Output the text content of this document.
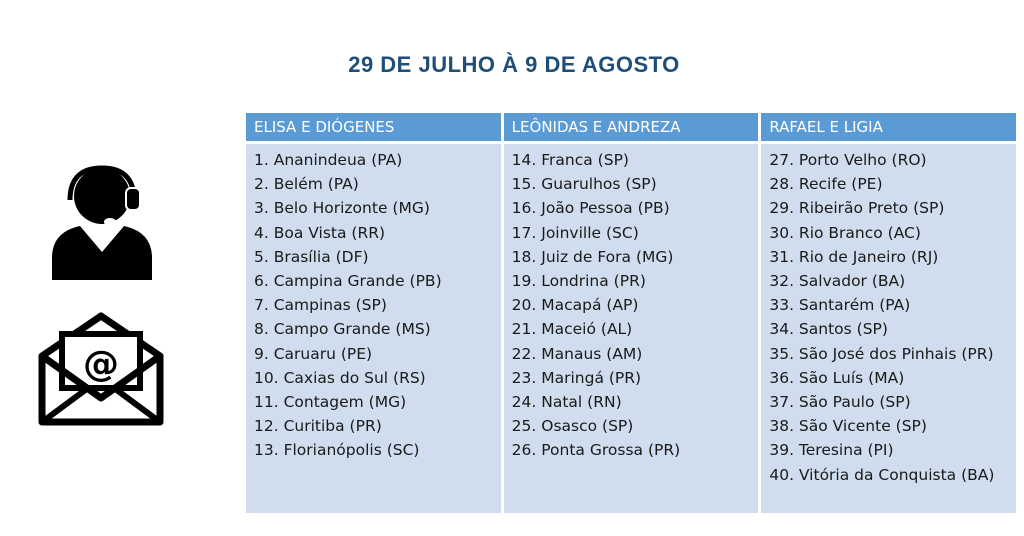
29 DE JULHO À 9 DE AGOSTO
@
ELISA E DIÓGENES
1. Ananindeua (PA)
2. Belém (PA)
3. Belo Horizonte (MG)
4. Boa Vista (RR)
5. Brasília (DF)
6. Campina Grande (PB)
7. Campinas (SP)
8. Campo Grande (MS)
9. Caruaru (PE)
10. Caxias do Sul (RS)
11. Contagem (MG)
12. Curitiba (PR)
13. Florianópolis (SC)
LEÔNIDAS E ANDREZA
14. Franca (SP)
15. Guarulhos (SP)
16. João Pessoa (PB)
17. Joinville (SC)
18. Juiz de Fora (MG)
19. Londrina (PR)
20. Macapá (AP)
21. Maceió (AL)
22. Manaus (AM)
23. Maringá (PR)
24. Natal (RN)
25. Osasco (SP)
26. Ponta Grossa (PR)
RAFAEL E LIGIA
27. Porto Velho (RO)
28. Recife (PE)
29. Ribeirão Preto (SP)
30. Rio Branco (AC)
31. Rio de Janeiro (RJ)
32. Salvador (BA)
33. Santarém (PA)
34. Santos (SP)
35. São José dos Pinhais (PR)
36. São Luís (MA)
37. São Paulo (SP)
38. São Vicente (SP)
39. Teresina (PI)
40. Vitória da Conquista (BA)
